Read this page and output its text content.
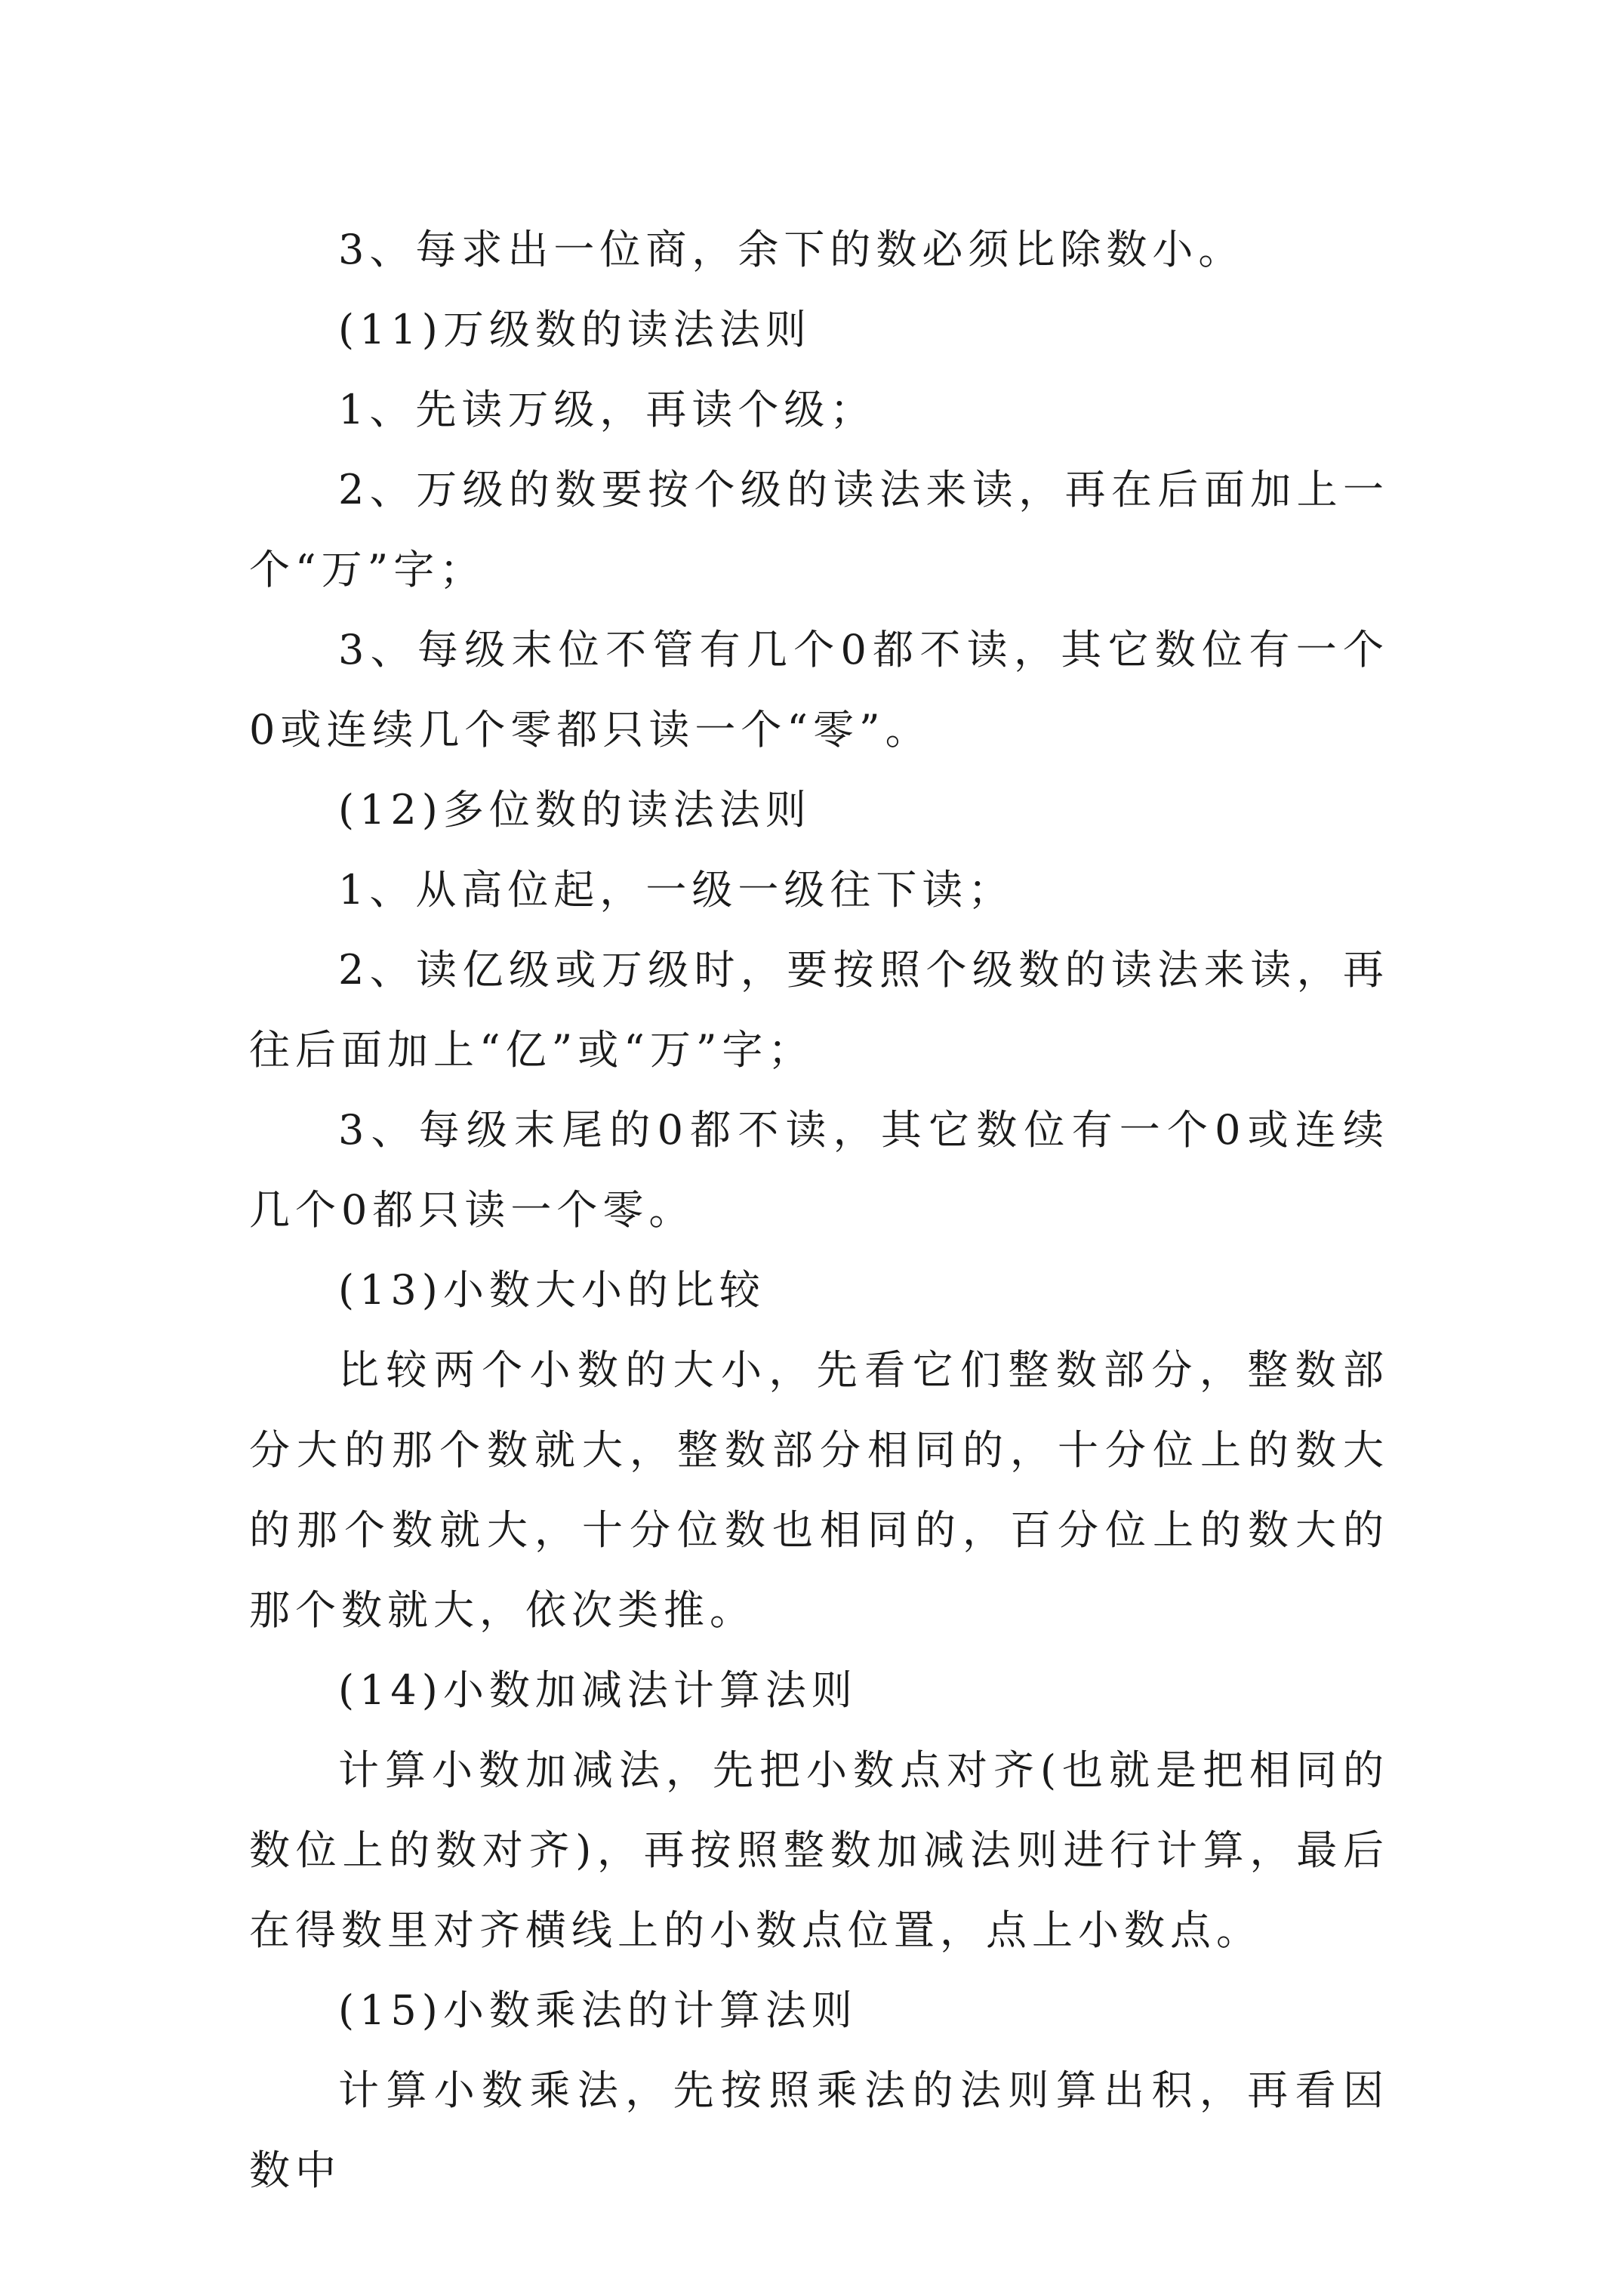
3、每求出一位商，余下的数必须比除数小。

(11)万级数的读法法则

1、先读万级，再读个级；

2、万级的数要按个级的读法来读，再在后面加上一个“万”字；

3、每级末位不管有几个0都不读，其它数位有一个0或连续几个零都只读一个“零”。

(12)多位数的读法法则

1、从高位起，一级一级往下读；

2、读亿级或万级时，要按照个级数的读法来读，再往后面加上“亿”或“万”字；

3、每级末尾的0都不读，其它数位有一个0或连续几个0都只读一个零。

(13)小数大小的比较

比较两个小数的大小，先看它们整数部分，整数部分大的那个数就大，整数部分相同的，十分位上的数大的那个数就大，十分位数也相同的，百分位上的数大的那个数就大，依次类推。

(14)小数加减法计算法则

计算小数加减法，先把小数点对齐(也就是把相同的数位上的数对齐)，再按照整数加减法则进行计算，最后在得数里对齐横线上的小数点位置，点上小数点。

(15)小数乘法的计算法则

计算小数乘法，先按照乘法的法则算出积，再看因数中
